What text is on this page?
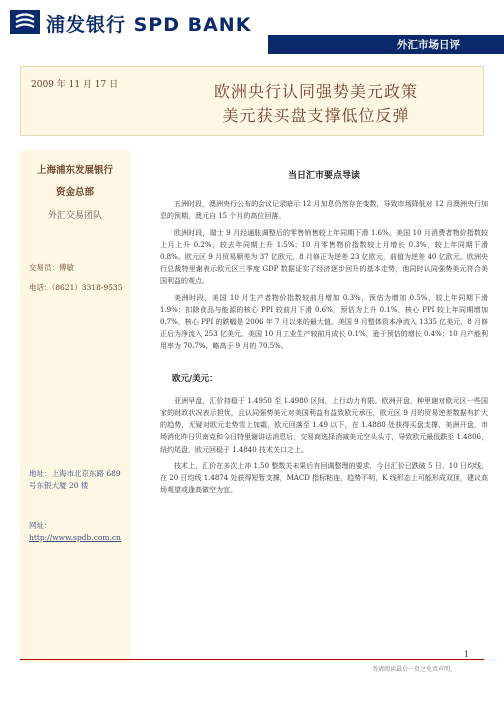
浦发银行 SPD BANK
外汇市场日评
2009 年 11 月 17 日	欧洲央行认同强势美元政策
美元获买盘支撑低位反弹
上海浦东发展银行
资金总部
外汇交易团队
交易员：傅敏
电话：（8621）3318-9535
地址：上海市北京东路 689 号东银大厦 20 楼
网址：
http://www.spdb.com.cn
当日汇市要点导读

五洲时段，澳洲央行公布的会议记录暗示 12 月加息仍然存在变数，导致市场降低对 12 月澳洲央行加息的预期，澳元自 15 个月的高位回落。

欧洲时段，瑞士 9 月经通胀调整后的零售销售较上年同期下滑 1.6%。美国 10 月消费者物价指数较上月上升 0.2%，较去年同期上升 1.5%；10 月零售物价指数较上月增长 0.3%，较上年同期下滑 0.8%。欧元区 9 月贸易顺差为 37 亿欧元，8 月修正为逆差 23 亿欧元，前值为逆差 40 亿欧元。欧洲央行总裁特里谢表示欧元区三季度 GDP 数据证实了经济逐步回升的基本走势，他同时认同强势美元符合美国利益的观点。

美洲时段，美国 10 月生产者物价指数较前月增加 0.3%，预估为增加 0.5%，较上年同期下滑 1.9%；扣除食品与能源的核心 PPI 较前月下滑 0.6%，预估为上升 0.1%，核心 PPI 较上年同期增加 0.7%，核心 PPI 的跌幅是 2006 年 7 月以来的最大值。美国 9 月整体资本净流入 1335 亿美元，8 月修正后为净流入 253 亿美元。美国 10 月工业生产较前月成长 0.1%，逊于预估的增长 0.4%；10 月产能利用率为 70.7%，略高于 9 月的 70.5%。

欧元/美元：

亚洲早盘，汇价持稳于 1.4950 至 1.4980 区间，上行动力有限。欧洲开盘，种里谢对欧元区一些国家的财政状况表示担忧，且认同强势美元对美国利益有益致欧元承压，欧元区 9 月的贸易逆差数据有扩大的趋势，无疑对欧元走势雪上加霜，欧元回落至 1.49 以下，在 1.4880 处获得买盘支撑，美洲开盘，市场消化昨日贝南克和今日特里谢讲话消息后，交易商选择消减美元空头头寸，导致欧元最低跌至 1.4806，纽约尾盘，欧元回稳于 1.4840 技术关口之上。

技术上，汇价在多次上冲 1.50 整数关未果后有回调整理的要求，今日汇价已跌破 5 日、10 日均线，在 20 日均线 1.4874 处获得短暂支撑，MACD 指标粘连，趋势不明，K 线形态上可能形成双顶，建议高场观望或逢高做空为宜。

1
务请阅读最后一页之免责声明。
